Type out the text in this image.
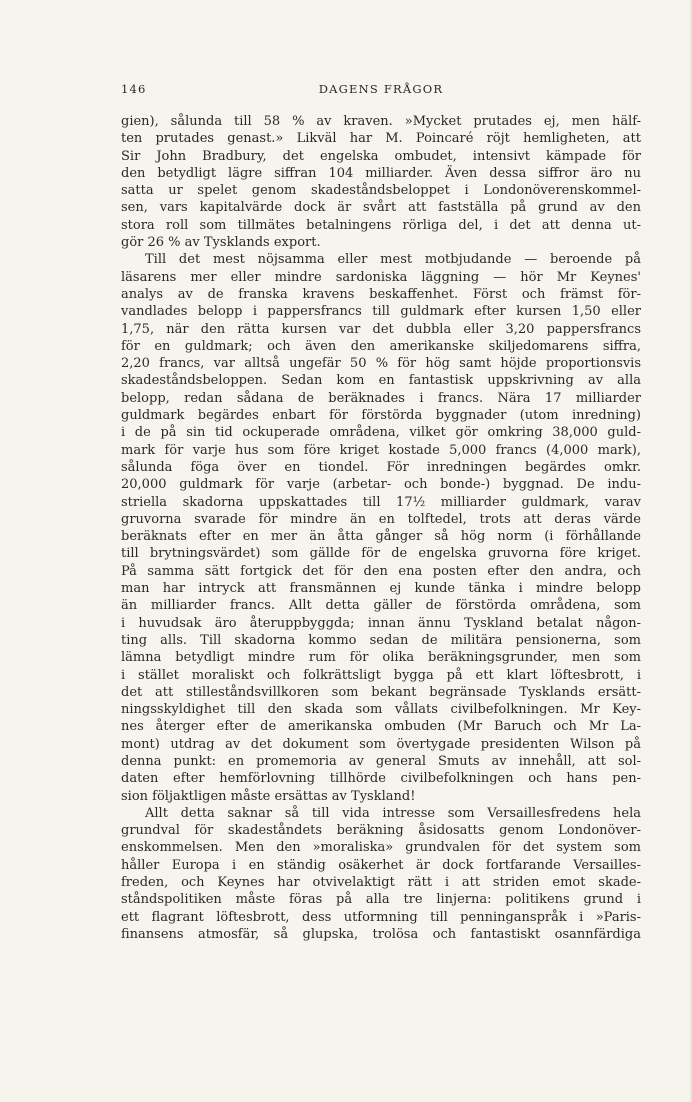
146	DAGENS FRÅGOR
gien), sålunda till 58 % av kraven. »Mycket prutades ej, men hälf-
ten prutades genast.» Likväl har M. Poincaré röjt hemligheten, att
Sir John Bradbury, det engelska ombudet, intensivt kämpade för
den betydligt lägre siffran 104 milliarder. Även dessa siffror äro nu
satta ur spelet genom skadeståndsbeloppet i Londonöverenskommel-
sen, vars kapitalvärde dock är svårt att fastställa på grund av den
stora roll som tillmätes betalningens rörliga del, i det att denna ut-
gör 26 % av Tysklands export.
Till det mest nöjsamma eller mest motbjudande — beroende på
läsarens mer eller mindre sardoniska läggning — hör Mr Keynes'
analys av de franska kravens beskaffenhet. Först och främst för-
vandlades belopp i pappersfrancs till guldmark efter kursen 1,50 eller
1,75, när den rätta kursen var det dubbla eller 3,20 pappersfrancs
för en guldmark; och även den amerikanske skiljedomarens siffra,
2,20 francs, var alltså ungefär 50 % för hög samt höjde proportionsvis
skadeståndsbeloppen. Sedan kom en fantastisk uppskrivning av alla
belopp, redan sådana de beräknades i francs. Nära 17 milliarder
guldmark begärdes enbart för förstörda byggnader (utom inredning)
i de på sin tid ockuperade områdena, vilket gör omkring 38,000 guld-
mark för varje hus som före kriget kostade 5,000 francs (4,000 mark),
sålunda föga över en tiondel. För inredningen begärdes omkr.
20,000 guldmark för varje (arbetar- och bonde-) byggnad. De indu-
striella skadorna uppskattades till 17½ milliarder guldmark, varav
gruvorna svarade för mindre än en tolftedel, trots att deras värde
beräknats efter en mer än åtta gånger så hög norm (i förhållande
till brytningsvärdet) som gällde för de engelska gruvorna före kriget.
På samma sätt fortgick det för den ena posten efter den andra, och
man har intryck att fransmännen ej kunde tänka i mindre belopp
än milliarder francs. Allt detta gäller de förstörda områdena, som
i huvudsak äro återuppbyggda; innan ännu Tyskland betalat någon-
ting alls. Till skadorna kommo sedan de militära pensionerna, som
lämna betydligt mindre rum för olika beräkningsgrunder, men som
i stället moraliskt och folkrättsligt bygga på ett klart löftesbrott, i
det att stilleståndsvillkoren som bekant begränsade Tysklands ersätt-
ningsskyldighet till den skada som vållats civilbefolkningen. Mr Key-
nes återger efter de amerikanska ombuden (Mr Baruch och Mr La-
mont) utdrag av det dokument som övertygade presidenten Wilson på
denna punkt: en promemoria av general Smuts av innehåll, att sol-
daten efter hemförlovning tillhörde civilbefolkningen och hans pen-
sion följaktligen måste ersättas av Tyskland!
Allt detta saknar så till vida intresse som Versaillesfredens hela
grundval för skadeståndets beräkning åsidosatts genom Londonöver-
enskommelsen. Men den »moraliska» grundvalen för det system som
håller Europa i en ständig osäkerhet är dock fortfarande Versailles-
freden, och Keynes har otvivelaktigt rätt i att striden emot skade-
ståndspolitiken måste föras på alla tre linjerna: politikens grund i
ett flagrant löftesbrott, dess utformning till penninganspråk i »Paris-
finansens atmosfär, så glupska, trolösa och fantastiskt osannfärdiga
